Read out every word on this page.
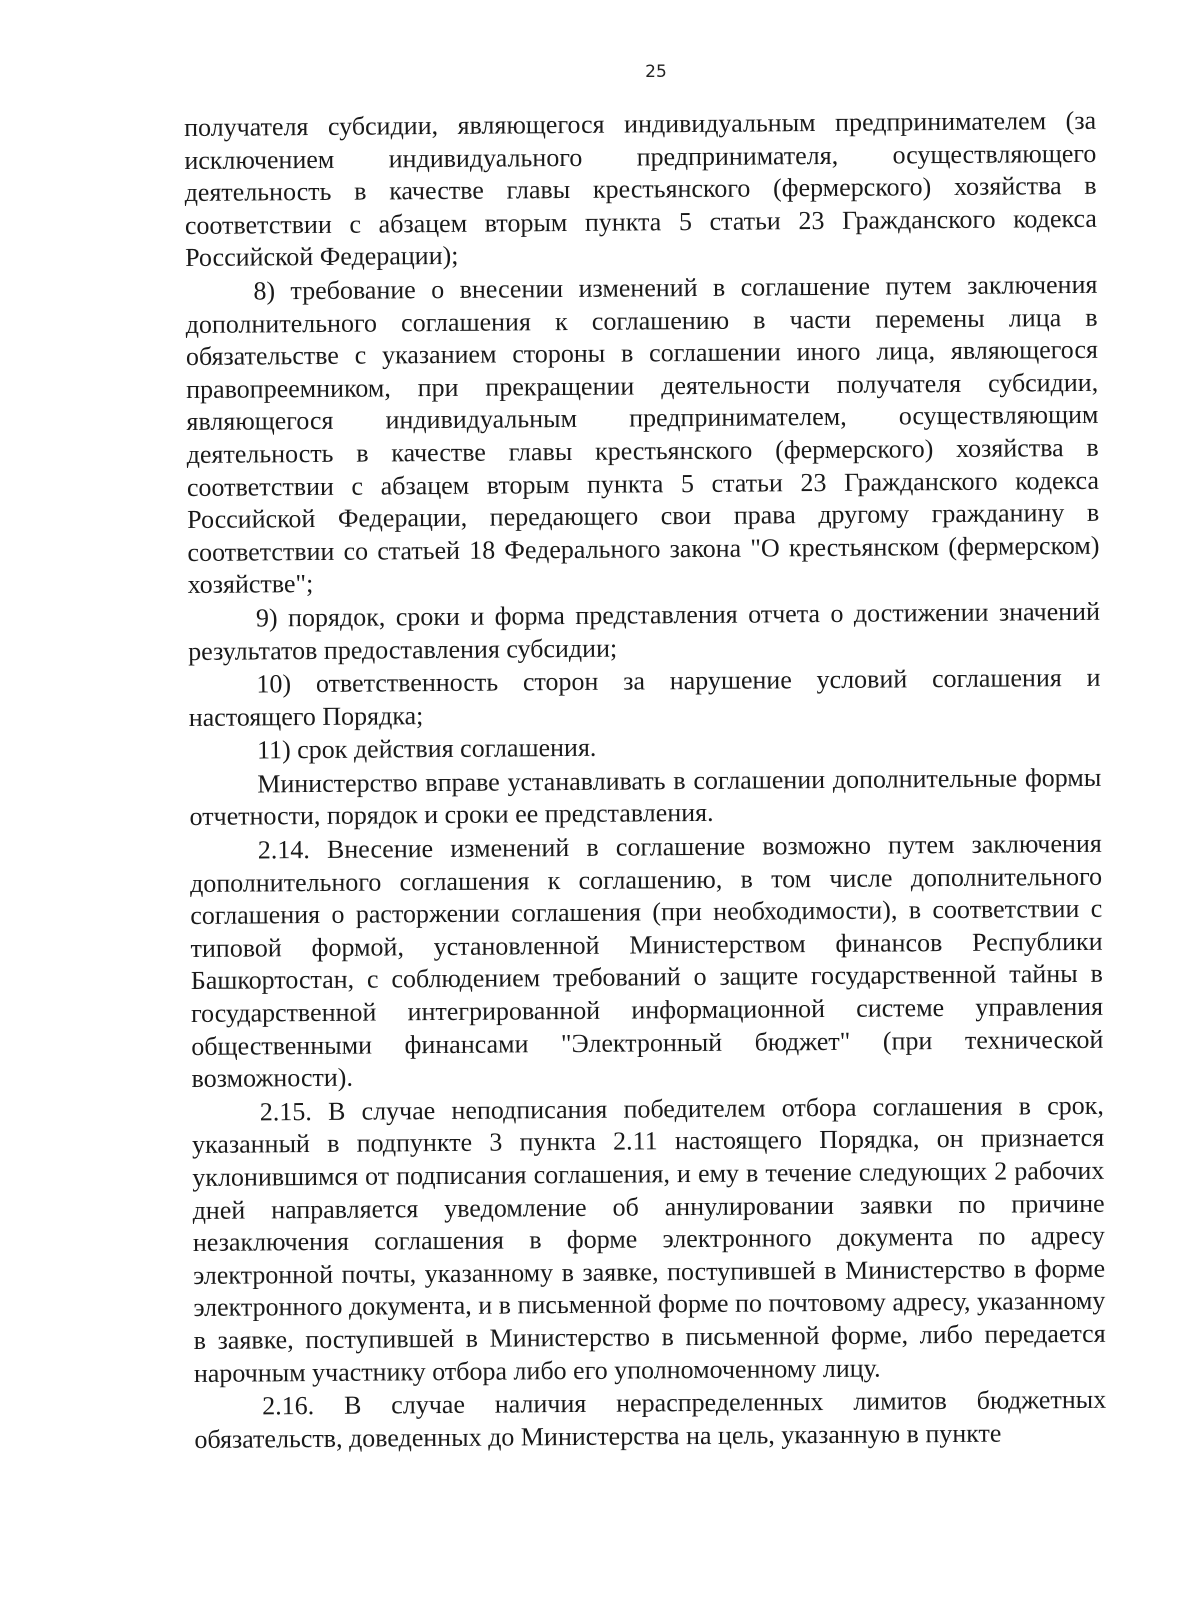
25

получателя субсидии, являющегося индивидуальным предпринимателем (за исключением индивидуального предпринимателя, осуществляющего деятельность в качестве главы крестьянского (фермерского) хозяйства в соответствии с абзацем вторым пункта 5 статьи 23 Гражданского кодекса Российской Федерации);

8) требование о внесении изменений в соглашение путем заключения дополнительного соглашения к соглашению в части перемены лица в обязательстве с указанием стороны в соглашении иного лица, являющегося правопреемником, при прекращении деятельности получателя субсидии, являющегося индивидуальным предпринимателем, осуществляющим деятельность в качестве главы крестьянского (фермерского) хозяйства в соответствии с абзацем вторым пункта 5 статьи 23 Гражданского кодекса Российской Федерации, передающего свои права другому гражданину в соответствии со статьей 18 Федерального закона "О крестьянском (фермерском) хозяйстве";

9) порядок, сроки и форма представления отчета о достижении значений результатов предоставления субсидии;

10) ответственность сторон за нарушение условий соглашения и настоящего Порядка;

11) срок действия соглашения.

Министерство вправе устанавливать в соглашении дополнительные формы отчетности, порядок и сроки ее представления.

2.14. Внесение изменений в соглашение возможно путем заключения дополнительного соглашения к соглашению, в том числе дополнительного соглашения о расторжении соглашения (при необходимости), в соответствии с типовой формой, установленной Министерством финансов Республики Башкортостан, с соблюдением требований о защите государственной тайны в государственной интегрированной информационной системе управления общественными финансами "Электронный бюджет" (при технической возможности).

2.15. В случае неподписания победителем отбора соглашения в срок, указанный в подпункте 3 пункта 2.11 настоящего Порядка, он признается уклонившимся от подписания соглашения, и ему в течение следующих 2 рабочих дней направляется уведомление об аннулировании заявки по причине незаключения соглашения в форме электронного документа по адресу электронной почты, указанному в заявке, поступившей в Министерство в форме электронного документа, и в письменной форме по почтовому адресу, указанному в заявке, поступившей в Министерство в письменной форме, либо передается нарочным участнику отбора либо его уполномоченному лицу.

2.16. В случае наличия нераспределенных лимитов бюджетных обязательств, доведенных до Министерства на цель, указанную в пункте
